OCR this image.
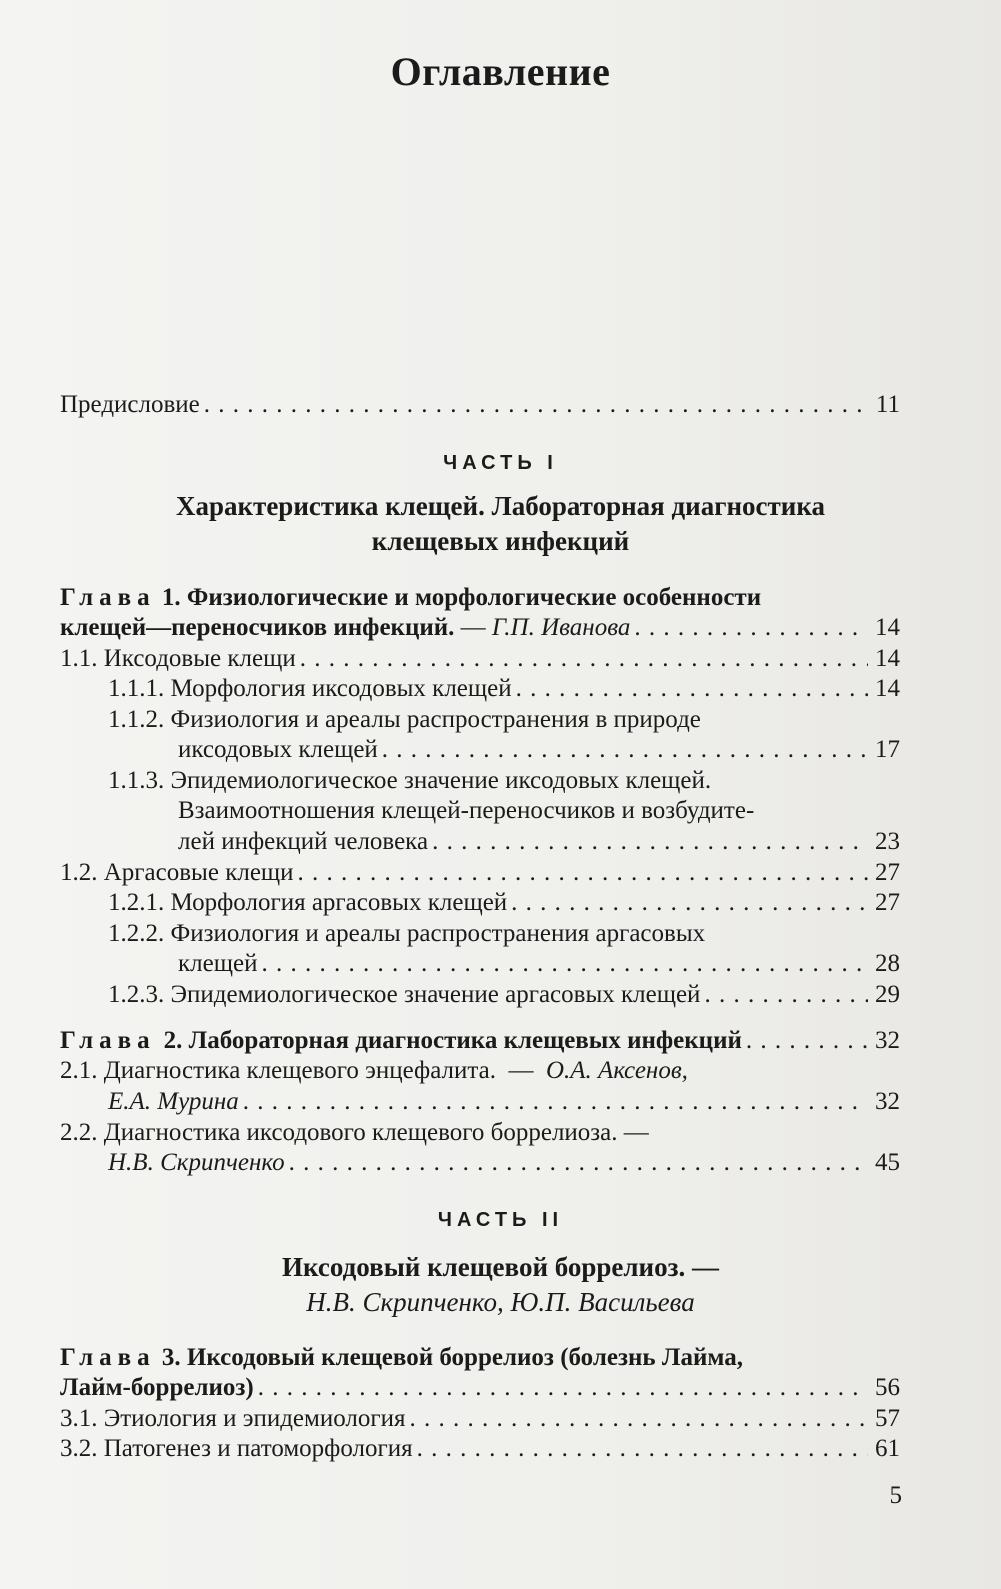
Оглавление
Предисловие . . .	11
ЧАСТЬ I
Характеристика клещей. Лабораторная диагностика
клещевых инфекций
Глава 1. Физиологические и морфологические особенности
клещей—переносчиков инфекций. — Г.П. Иванова . . .	14
1.1. Иксодовые клещи . . .	14
1.1.1. Морфология иксодовых клещей . . .	14
1.1.2. Физиология и ареалы распространения в природе
иксодовых клещей . . .	17
1.1.3. Эпидемиологическое значение иксодовых клещей.
Взаимоотношения клещей-переносчиков и возбудите-
лей инфекций человека . . .	23
1.2. Аргасовые клещи . . .	27
1.2.1. Морфология аргасовых клещей . . .	27
1.2.2. Физиология и ареалы распространения аргасовых
клещей . . .	28
1.2.3. Эпидемиологическое значение аргасовых клещей . . .	29
Глава 2. Лабораторная диагностика клещевых инфекций . . .	32
2.1. Диагностика клещевого энцефалита.  —  О.А. Аксенов,
Е.А. Мурина . . .	32
2.2. Диагностика иксодового клещевого боррелиоза. —
Н.В. Скрипченко . . .	45
ЧАСТЬ II
Иксодовый клещевой боррелиоз. —
Н.В. Скрипченко, Ю.П. Васильева
Глава 3. Иксодовый клещевой боррелиоз (болезнь Лайма,
Лайм-боррелиоз) . . .	56
3.1. Этиология и эпидемиология . . .	57
3.2. Патогенез и патоморфология . . .	61
5
